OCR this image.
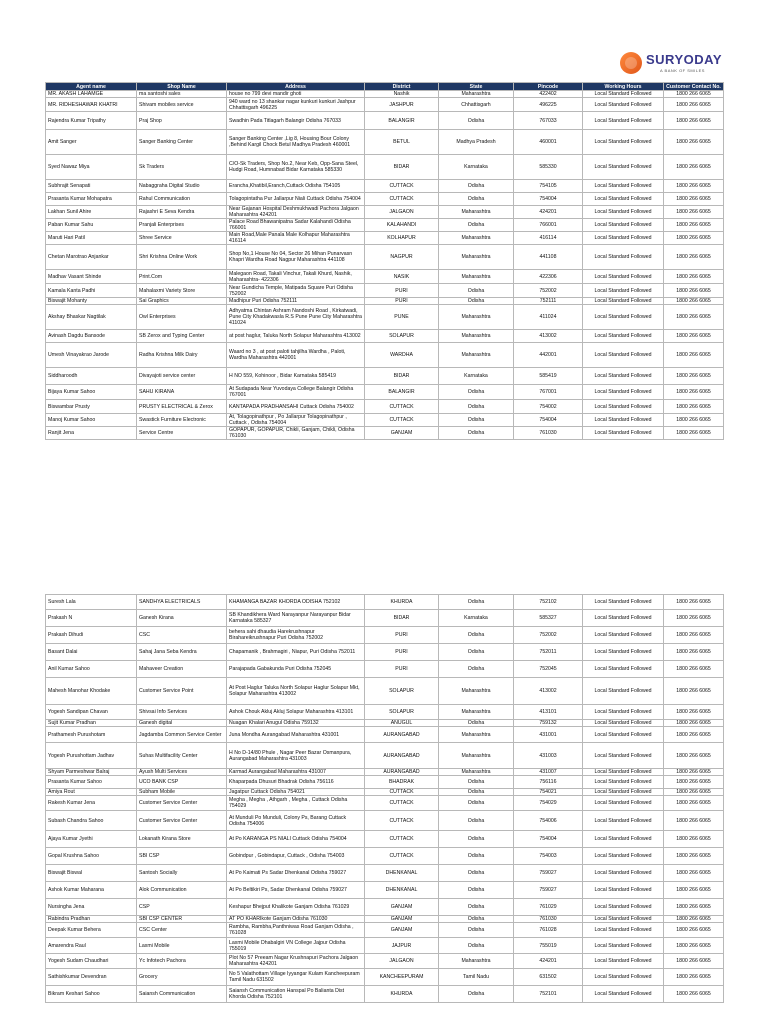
SURYODAY
A BANK OF SMILES
Agent name	Shop Name	Address	District	State	Pincode	Working Hours	Customer Contact No.
MR. AKASH LAHAMGE	ma santoshi sales	house no 799 devi mandir ghoti	Nashik	Maharashtra	422402	Local Standard Followed	1800 266 6065
MR. RIDHESHAWAR KHATRI	Shivam mobiles service	940 ward no 13 shankar nagar kunkuri kunkuri Jashpur Chhattisgarh 496225	JASHPUR	Chhattisgarh	496225	Local Standard Followed	1800 266 6065
Rajendra Kumar Tripathy	Praj Shop	Swadhin Pada Titlagarh Balangir Odisha 767033	BALANGIR	Odisha	767033	Local Standard Followed	1800 266 6065
Amit Sanger	Sanger Banking Center	Sanger Banking Center ,Lig 8, Housing Bour Colony ,Behind Kargil Chock Betul Madhya Pradesh 460001	BETUL	Madhya Pradesh	460001	Local Standard Followed	1800 266 6065
Syed Nawaz Miya	Sk Traders	C/O-Sk Traders, Shop No.2, Near Keb, Opp-Sana Steel, Hudgi Road, Humnabad Bidar Karnataka 585330	BIDAR	Karnataka	585330	Local Standard Followed	1800 266 6065
Subhrajit Senapati	Nabaggraha Digital Studio	Erancha,Khatibil,Eranch,Cuttack Odisha 754105	CUTTACK	Odisha	754105	Local Standard Followed	1800 266 6065
Prasanta Kumar Mohapatra	Rahul Communication	Tolagopintatha Pur Jallarpur Niali Cuttack Odisha 754004	CUTTACK	Odisha	754004	Local Standard Followed	1800 266 6065
Lakhan Sunil Ahire	Rajashri E Seva Kendra	Near Gajanan Hospital Deshmukhwadi Pachora Jalgaon Maharashtra 424201	JALGAON	Maharashtra	424201	Local Standard Followed	1800 266 6065
Paban Kumar Sahu	Pranjali Enterprises	Palace Road Bhawanipatna Sadar Kalahandi Odisha 766001	KALAHANDI	Odisha	766001	Local Standard Followed	1800 266 6065
Maruti Hari Patil	Shree Service	Main Road,Male Panala Male Kolhapur Maharashtra 416114	KOLHAPUR	Maharashtra	416114	Local Standard Followed	1800 266 6065
Chetan Marotrao Anjankar	Shri Krishna Online Work	Shop No,1 House No 04, Sector 26 Mihan Punarvasn Khapri Wardha Road Nagpur Maharashtra 441108	NAGPUR	Maharashtra	441108	Local Standard Followed	1800 266 6065
Madhav Vasant Shinde	Print.Com	Malegaon Road, Takali Vinchur, Takali Khurd, Nashik, Maharashtra- 422306	NASIK	Maharashtra	422306	Local Standard Followed	1800 266 6065
Kamala Kanta Padhi	Mahalaxmi Variety Store	Near Gundicha Temple, Matipada Square Puri Odisha 752002	PURI	Odisha	752002	Local Standard Followed	1800 266 6065
Biswajit Mohanty	Sai Graphics	Madhipur Puri Odisha 752111	PURI	Odisha	752111	Local Standard Followed	1800 266 6065
Akshay Bhaskar Nagtilak	Owl Enterprises	Adhyatma Chintan Ashram Nandoshi Road , Kirkatwadi, Pune City Khadakwasla R.S Pune Pune City Maharashtra 411024	PUNE	Maharashtra	411024	Local Standard Followed	1800 266 6065
Avinash Dagdu Bansode	SB Zerox and Typing Center	at post haglur, Taluka North Solapur Maharashtra 413002	SOLAPUR	Maharashtra	413002	Local Standard Followed	1800 266 6065
Umesh Vinayakrao Jarode	Radha Krishna Milk Dairy	Waard no 3 , at post paloti tahjilha Wardha , Paloti, Wardha Maharashtra 442001	WARDHA	Maharashtra	442001	Local Standard Followed	1800 266 6065
Siddharoodh	Divayajoti service center	H NO 559, Kohinoor , Bidar Karnataka 585419	BIDAR	Karnataka	585419	Local Standard Followed	1800 266 6065
Bijaya Kumar Sahoo	SAHU KIRANA	At Sudapada Near Yuvodaya College Balangir Odisha 767001	BALANGIR	Odisha	767001	Local Standard Followed	1800 266 6065
Biswambar Prusty	PRUSTY ELECTRICAL & Zerox	KANTAPADA PRADHANSAHI Cuttack Odisha 754002	CUTTACK	Odisha	754002	Local Standard Followed	1800 266 6065
Manoj Kumar Sahoo	Swastick Furniture Electronic	At, Tolagopinathpur , Po Jallarpur Tolagopinathpur , Cuttack , Odisha 754004	CUTTACK	Odisha	754004	Local Standard Followed	1800 266 6065
Ranjit Jena	Service Centre	GOPAPUR, GOPAPUR, Chikli, Ganjam, Chikli, Odisha 761030	GANJAM	Odisha	761030	Local Standard Followed	1800 266 6065
Suresh Lala	SANDHYA ELECTRICALS	KHAMANGA BAZAR KHORDA ODISHA 752102	KHURDA	Odisha	752102	Local Standard Followed	1800 266 6065
Prakash N	Ganesh Kirana	SB Khandikhera Ward Narayanpur Narayanpur Bidar Karnataka 585327	BIDAR	Karnataka	585327	Local Standard Followed	1800 266 6065
Prakash Dihudi	CSC	behera sahi dhaudia Harekrushnapur Birahareikrushnapur Puri Odisha 752002	PURI	Odisha	752002	Local Standard Followed	1800 266 6065
Basant Dalai	Sahaj Jana Seba Kendra	Chapamanik , Brahmagiri , Niapur, Puri Odisha 752011	PURI	Odisha	752011	Local Standard Followed	1800 266 6065
Anil Kumar Sahoo	Mahaveer Creation	Parajapada Gabakunda Puri Odisha 752045	PURI	Odisha	752045	Local Standard Followed	1800 266 6065
Mahesh Manohar Khodake	Customer Service Point	At Post Haglur Taluka North Solapur Haglur Solapur Mkt, Solapur Maharashtra 413002	SOLAPUR	Maharashtra	413002	Local Standard Followed	1800 266 6065
Yogesh Sandipan Chavan	Shivsai Info Services	Ashok Chouk Akluj Akluj Solapur Maharashtra 413101	SOLAPUR	Maharashtra	413101	Local Standard Followed	1800 266 6065
Sujit Kumar Pradhan	Ganesh digital	Nuagan Khalari Anugul Odisha 759132	ANUGUL	Odisha	759132	Local Standard Followed	1800 266 6065
Prathamesh Purushotam	Jagdamba Common Service Center	Juna Mondha Aurangabad Maharashtra 431001	AURANGABAD	Maharashtra	431001	Local Standard Followed	1800 266 6065
Yogesh Purushottam Jadhav	Suhas Multifacility Center	H No D-14/80 Phule , Nagar Peer Bazar Osmanpura, Aurangabad Maharashtra 431003	AURANGABAD	Maharashtra	431003	Local Standard Followed	1800 266 6065
Shyam Parmeshwar Balraj	Ayush Multi Services	Karmad Aurangabad Maharashtra 431007	AURANGABAD	Maharashtra	431007	Local Standard Followed	1800 266 6065
Prasanta Kumar Sahoo	UCO BANK CSP	Khaparpada Dhusuri Bhadrak Odisha 756116	BHADRAK	Odisha	756116	Local Standard Followed	1800 266 6065
Amiya Rout	Subham Mobile	Jagatpur Cuttack Odisha 754021	CUTTACK	Odisha	754021	Local Standard Followed	1800 266 6065
Rakesh Kumar Jena	Customer Service Center	Megha , Megha , Athgarh , Megha , Cuttack Odisha 754029	CUTTACK	Odisha	754029	Local Standard Followed	1800 266 6065
Subash Chandra Sahoo	Customer Service Center	At Munduli Po Munduli, Colony Ps, Barang Cuttack Odisha 754006	CUTTACK	Odisha	754006	Local Standard Followed	1800 266 6065
Ajaya Kumar Jyethi	Lokanath Kirana Store	At Po KARANGA PS NIALI Cuttack Odisha 754004	CUTTACK	Odisha	754004	Local Standard Followed	1800 266 6065
Gopal Krushna Sahoo	SBI CSP	Gobindpur , Gobindapur, Cuttack , Odisha 754003	CUTTACK	Odisha	754003	Local Standard Followed	1800 266 6065
Biswajit Biswal	Santosh Socially	At Po Kaimati Ps Sadar Dhenkanal Odisha 759027	DHENKANAL	Odisha	759027	Local Standard Followed	1800 266 6065
Ashok Kumar Maharana	Alok Communication	At Po Beltikiri Ps, Sadar Dhenkanal Odisha 759027	DHENKANAL	Odisha	759027	Local Standard Followed	1800 266 6065
Nursingha Jena	CSP	Keshapur Bhejput Khalikote Ganjam Odisha 761029	GANJAM	Odisha	761029	Local Standard Followed	1800 266 6065
Rabindra Pradhan	SBI CSP CENTER	AT PO KHARIkote Ganjam Odisha 761030	GANJAM	Odisha	761030	Local Standard Followed	1800 266 6065
Deepak Kumar Behera	CSC Center	Rambha, Rambha,Panthniwas Road Ganjam Odisha , 761028	GANJAM	Odisha	761028	Local Standard Followed	1800 266 6065
Amarendra Raul	Laxmi Mobile	Laxmi Mobile Dhabalgiri VN College Jajpur Odisha 755019	JAJPUR	Odisha	755019	Local Standard Followed	1800 266 6065
Yogesh Sudam Chaudhari	Yc Infotech Pachora	Plot No 57 Preeam Nagar Krushnapuri Pachora Jalgaon Maharashtra 424201	JALGAON	Maharashtra	424201	Local Standard Followed	1800 266 6065
Sathishkumar Devendran	Grocery	No 5 Valathottam Village Iyyangar Kulam Kancheepuram Tamil Nadu 631502	KANCHEEPURAM	Tamil Nadu	631502	Local Standard Followed	1800 266 6065
Bikram Keshari Sahoo	Saiansh Communication	Saiansh Communication Hanspal Po Balianta Dist Khorda Odisha 752101	KHURDA	Odisha	752101	Local Standard Followed	1800 266 6065
